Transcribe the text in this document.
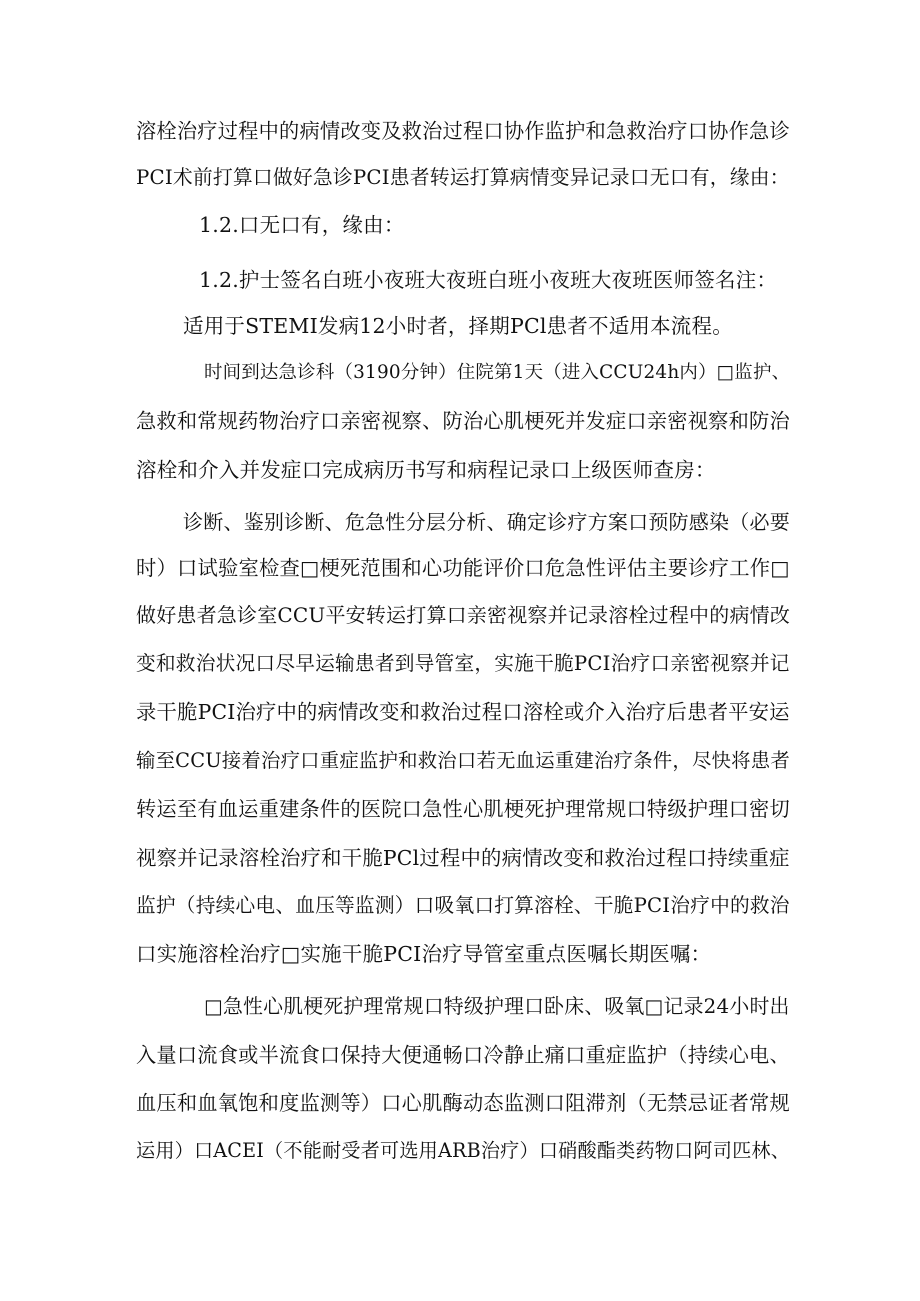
溶栓治疗过程中的病情改变及救治过程口协作监护和急救治疗口协作急诊
PCI术前打算口做好急诊PCI患者转运打算病情变异记录口无口有，缘由：
1.2.口无口有，缘由：
1.2.护士签名白班小夜班大夜班白班小夜班大夜班医师签名注：
适用于STEMI发病12小时者，择期PCl患者不适用本流程。
时间到达急诊科（3190分钟）住院第1天（进入CCU24h内）□监护、
急救和常规药物治疗口亲密视察、防治心肌梗死并发症口亲密视察和防治
溶栓和介入并发症口完成病历书写和病程记录口上级医师查房：
诊断、鉴别诊断、危急性分层分析、确定诊疗方案口预防感染（必要
时）口试验室检查□梗死范围和心功能评价口危急性评估主要诊疗工作□
做好患者急诊室CCU平安转运打算口亲密视察并记录溶栓过程中的病情改
变和救治状况口尽早运输患者到导管室，实施干脆PCI治疗口亲密视察并记
录干脆PCI治疗中的病情改变和救治过程口溶栓或介入治疗后患者平安运
输至CCU接着治疗口重症监护和救治口若无血运重建治疗条件，尽快将患者
转运至有血运重建条件的医院口急性心肌梗死护理常规口特级护理口密切
视察并记录溶栓治疗和干脆PCl过程中的病情改变和救治过程口持续重症
监护（持续心电、血压等监测）口吸氧口打算溶栓、干脆PCI治疗中的救治
口实施溶栓治疗□实施干脆PCI治疗导管室重点医嘱长期医嘱：
□急性心肌梗死护理常规口特级护理口卧床、吸氧□记录24小时出
入量口流食或半流食口保持大便通畅口冷静止痛口重症监护（持续心电、
血压和血氧饱和度监测等）口心肌酶动态监测口阻滞剂（无禁忌证者常规
运用）口ACEI（不能耐受者可选用ARB治疗）口硝酸酯类药物口阿司匹林、
